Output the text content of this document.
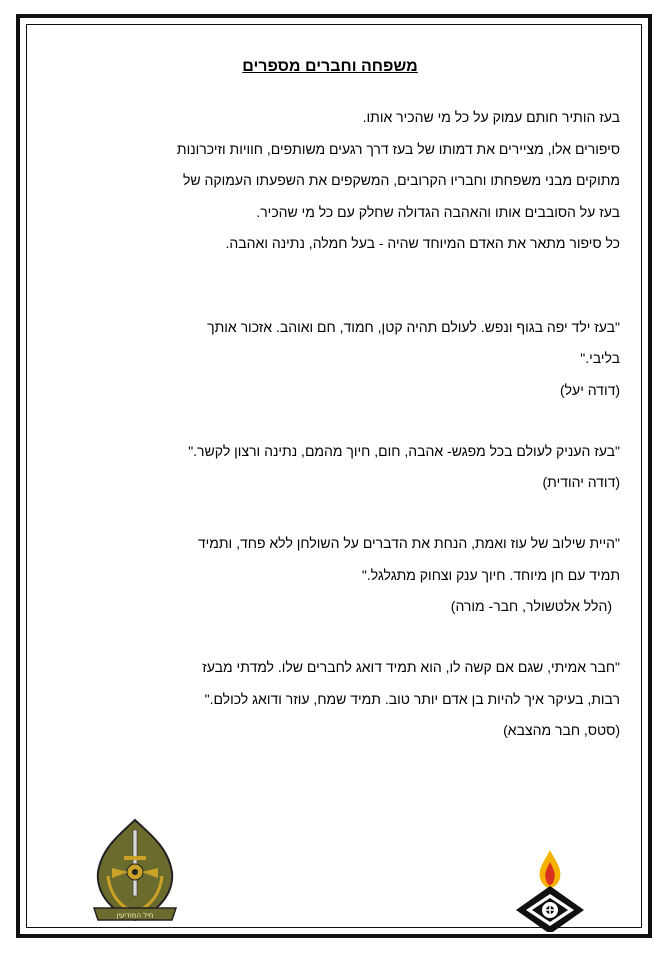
משפחה וחברים מספרים

בעז הותיר חותם עמוק על כל מי שהכיר אותו.

סיפורים אלו, מציירים את דמותו של בעז דרך רגעים משותפים, חוויות וזיכרונות

מתוקים מבני משפחתו וחבריו הקרובים, המשקפים את השפעתו העמוקה של

בעז על הסובבים אותו והאהבה הגדולה שחלק עם כל מי שהכיר.

כל סיפור מתאר את האדם המיוחד שהיה - בעל חמלה, נתינה ואהבה.

"בעז ילד יפה בגוף ונפש. לעולם תהיה קטן, חמוד, חם ואוהב. אזכור אותך

בליבי."

(דודה יעל)

"בעז העניק לעולם בכל מפגש- אהבה, חום, חיוך מהמם, נתינה ורצון לקשר."

(דודה יהודית)

"היית שילוב של עוז ואמת, הנחת את הדברים על השולחן ללא פחד, ותמיד

תמיד עם חן מיוחד. חיוך ענק וצחוק מתגלגל."

(הלל אלטשולר, חבר- מורה)

"חבר אמיתי, שגם אם קשה לו, הוא תמיד דואג לחברים שלו. למדתי מבעז

רבות, בעיקר איך להיות בן אדם יותר טוב. תמיד שמח, עוזר ודואג לכולם."

(סטס, חבר מהצבא)

חיל המודיעין
